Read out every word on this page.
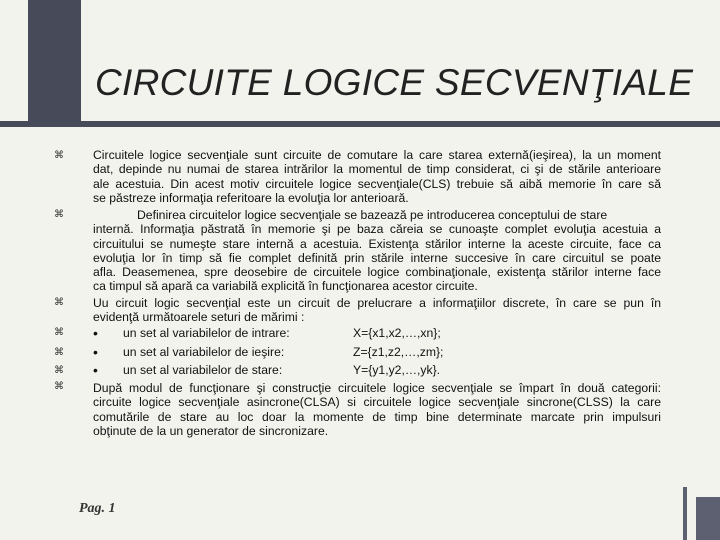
CIRCUITE LOGICE SECVENŢIALE
⌘
⌘
⌘
⌘
⌘
⌘
⌘
Circuitele logice secvenţiale sunt circuite de comutare la care starea externă(ieşirea), la un moment
dat, depinde nu numai de starea intrărilor la momentul de timp considerat, ci şi de stările anterioare
ale acestuia. Din acest motiv circuitele logice secvenţiale(CLS) trebuie să aibă memorie în care să
se păstreze informaţia referitoare la evoluţia lor anterioară.
Definirea circuitelor logice secvenţiale se bazează pe introducerea conceptului de stare
internă. Informaţia păstrată în memorie şi pe baza căreia se cunoaşte complet evoluţia acestuia a
circuitului se numeşte stare internă a acestuia. Existenţa stărilor interne la aceste circuite, face ca
evoluţia lor în timp să fie complet definită prin stările interne succesive în care circuitul se poate
afla. Deasemenea, spre deosebire de circuitele logice combinaţionale, existenţa stărilor interne face
ca timpul să apară ca variabilă explicită în funcţionarea acestor circuite.
Uu circuit logic secvenţial este un circuit de prelucrare a informaţiilor discrete, în care se pun în
evidenţă următoarele seturi de mărimi :
• un set al variabilelor de intrare:	X={x1,x2,…,xn};
• un set al variabilelor de ieşire:	Z={z1,z2,…,zm};
• un set al variabilelor de stare:	Y={y1,y2,…,yk}.
După modul de funcţionare şi construcţie circuitele logice secvenţiale se împart în două categorii:
circuite logice secvenţiale asincrone(CLSA) si circuitele logice secvenţiale sincrone(CLSS) la care
comutările de stare au loc doar la momente de timp bine determinate marcate prin impulsuri
obţinute de la un generator de sincronizare.
Pag. 1
